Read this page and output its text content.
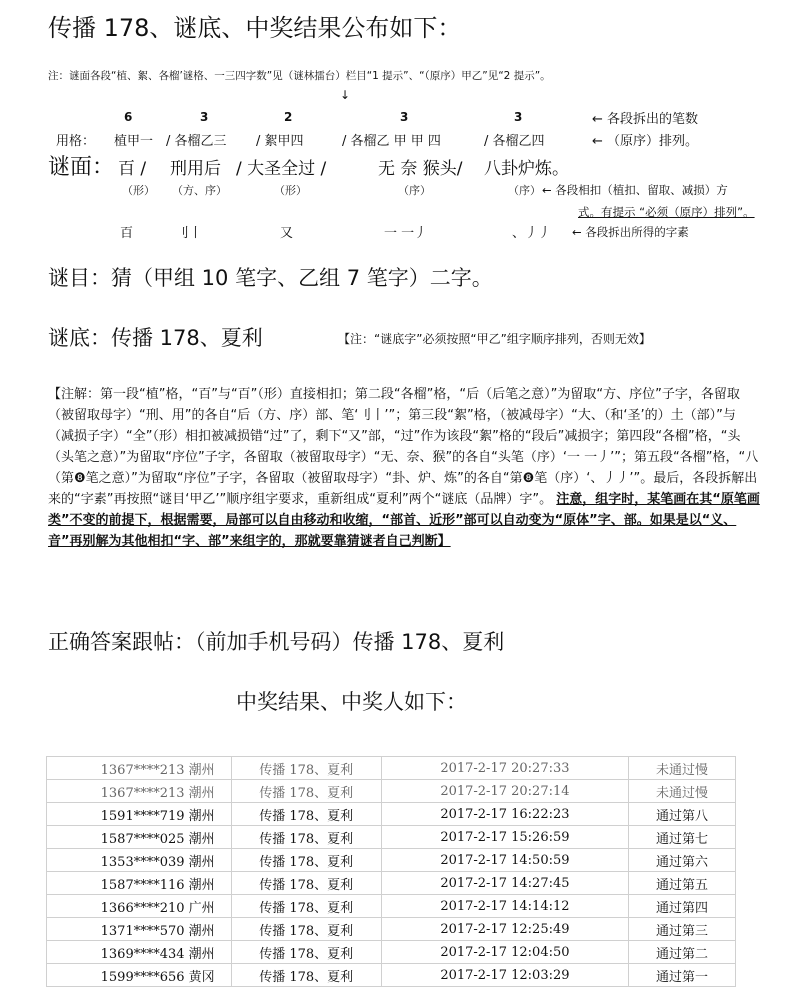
传播 178、谜底、中奖结果公布如下：
注：谜面各段“植、絮、各榴’谜格、一三四字数”见（谜林擂台）栏目“1 提示”、“（原序）甲乙”见“2 提示”。
↓
6	3	2	3	3	← 各段拆出的笔数
用格： 植甲一 / 各榴乙三 / 絮甲四	/ 各榴乙 甲 甲 四	/ 各榴乙四	← （原序）排列。
谜面： 百 / 刑用后 / 大圣全过 /	无 奈 猴头/ 八卦炉炼。
（形） （方、序）	（形）	（序）	（序） ← 各段相扣（植扣、留取、减损）方
式。有提示 “必须（原序）排列”。
百	刂丨	又	一 一丿	、丿丿 ← 各段拆出所得的字素
谜目：猜（甲组 10 笔字、乙组 7 笔字）二字。
谜底：传播 178、夏利	【注：“谜底字”必须按照“甲乙”组字顺序排列，否则无效】

【注解：第一段“植”格，“百”与“百”（形）直接相扣；第二段“各榴”格，“后（后笔之意）”为留取“方、序位”子字，各留取（被留取母字）“刑、用”的各自“后（方、序）部、笔‘刂丨’”；第三段“絮”格，（被减母字）“大、（和‘圣’的）土（部）”与（减损子字）“全”（形）相扣被减损错“过”了，剩下“又”部，“过”作为该段“絮”格的“段后”减损字；第四段“各榴”格，“头（头笔之意）”为留取“序位”子字，各留取（被留取母字）“无、奈、猴”的各自“头笔（序）‘一 一丿’”；第五段“各榴”格，“八（第❽笔之意）”为留取“序位”子字，各留取（被留取母字）“卦、炉、炼”的各自“第❽笔（序）‘、丿丿’”。最后，各段拆解出来的“字素”再按照“谜目‘甲乙’”顺序组字要求，重新组成“夏利”两个“谜底（品牌）字”。 注意，组字时，某笔画在其“原笔画类”不变的前提下，根据需要，局部可以自由移动和收缩，“部首、近形”部可以自动变为“原体”字、部。如果是以“义、音”再别解为其他相扣“字、部”来组字的，那就要靠猜谜者自己判断】

正确答案跟帖：（前加手机号码）传播 178、夏利
中奖结果、中奖人如下：
1367****213 潮州	传播 178、夏利	2017-2-17 20:27:33	未通过慢
1367****213 潮州	传播 178、夏利	2017-2-17 20:27:14	未通过慢
1591****719 潮州	传播 178、夏利	2017-2-17 16:22:23	通过第八
1587****025 潮州	传播 178、夏利	2017-2-17 15:26:59	通过第七
1353****039 潮州	传播 178、夏利	2017-2-17 14:50:59	通过第六
1587****116 潮州	传播 178、夏利	2017-2-17 14:27:45	通过第五
1366****210 广州	传播 178、夏利	2017-2-17 14:14:12	通过第四
1371****570 潮州	传播 178、夏利	2017-2-17 12:25:49	通过第三
1369****434 潮州	传播 178、夏利	2017-2-17 12:04:50	通过第二
1599****656 黄冈	传播 178、夏利	2017-2-17 12:03:29	通过第一
